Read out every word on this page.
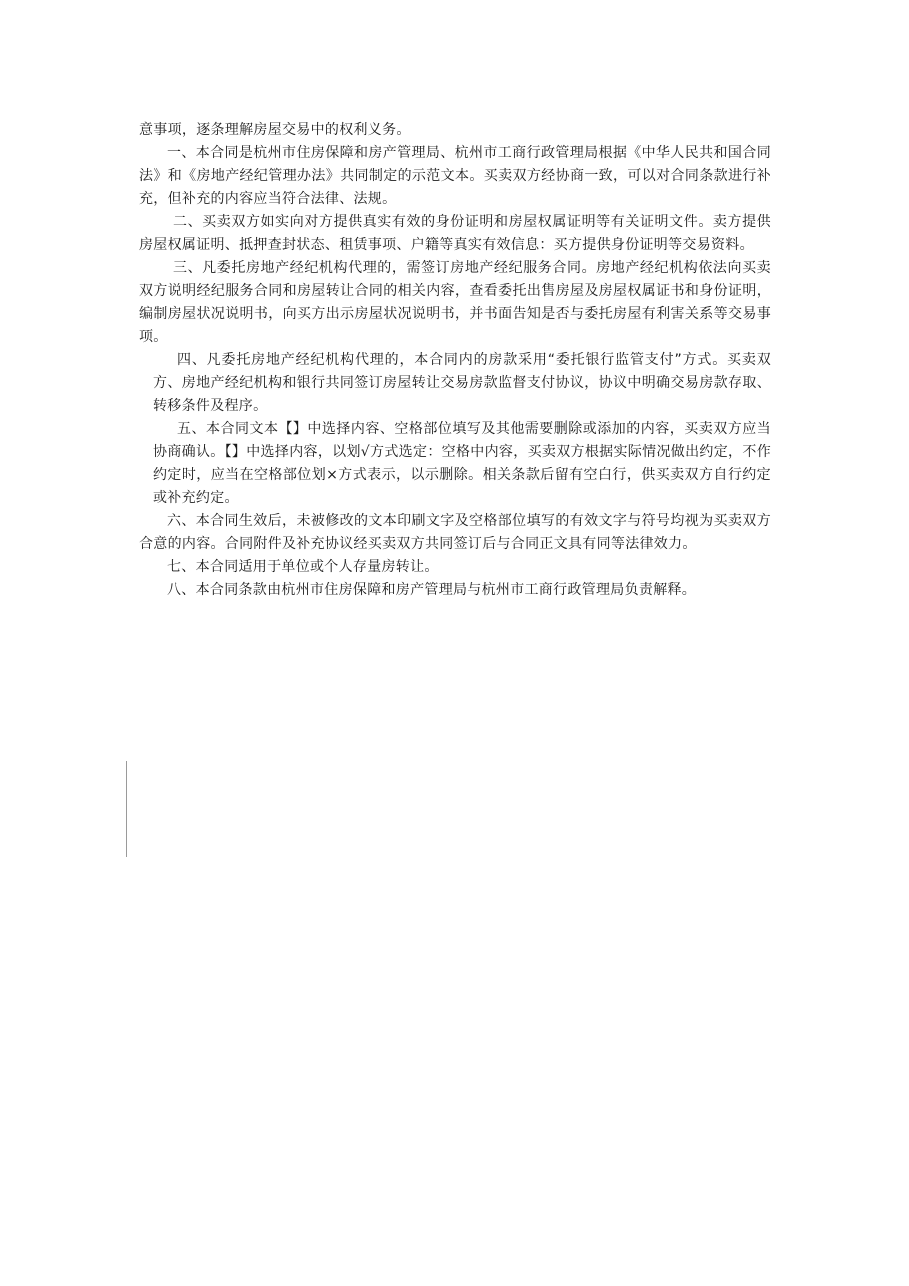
意事项，逐条理解房屋交易中的权利义务。

一、本合同是杭州市住房保障和房产管理局、杭州市工商行政管理局根据《中华人民共和国合同法》和《房地产经纪管理办法》共同制定的示范文本。买卖双方经协商一致，可以对合同条款进行补充，但补充的内容应当符合法律、法规。

二、买卖双方如实向对方提供真实有效的身份证明和房屋权属证明等有关证明文件。卖方提供房屋权属证明、抵押查封状态、租赁事项、户籍等真实有效信息：买方提供身份证明等交易资料。

三、凡委托房地产经纪机构代理的，需签订房地产经纪服务合同。房地产经纪机构依法向买卖双方说明经纪服务合同和房屋转让合同的相关内容，查看委托出售房屋及房屋权属证书和身份证明，编制房屋状况说明书，向买方出示房屋状况说明书，并书面告知是否与委托房屋有利害关系等交易事项。

四、凡委托房地产经纪机构代理的，本合同内的房款采用“委托银行监管支付”方式。买卖双方、房地产经纪机构和银行共同签订房屋转让交易房款监督支付协议，协议中明确交易房款存取、转移条件及程序。

五、本合同文本【】中选择内容、空格部位填写及其他需要删除或添加的内容，买卖双方应当协商确认。【】中选择内容，以划√方式选定：空格中内容，买卖双方根据实际情况做出约定，不作约定时，应当在空格部位划×方式表示，以示删除。相关条款后留有空白行，供买卖双方自行约定或补充约定。

六、本合同生效后，未被修改的文本印刷文字及空格部位填写的有效文字与符号均视为买卖双方合意的内容。合同附件及补充协议经买卖双方共同签订后与合同正文具有同等法律效力。

七、本合同适用于单位或个人存量房转让。

八、本合同条款由杭州市住房保障和房产管理局与杭州市工商行政管理局负责解释。
